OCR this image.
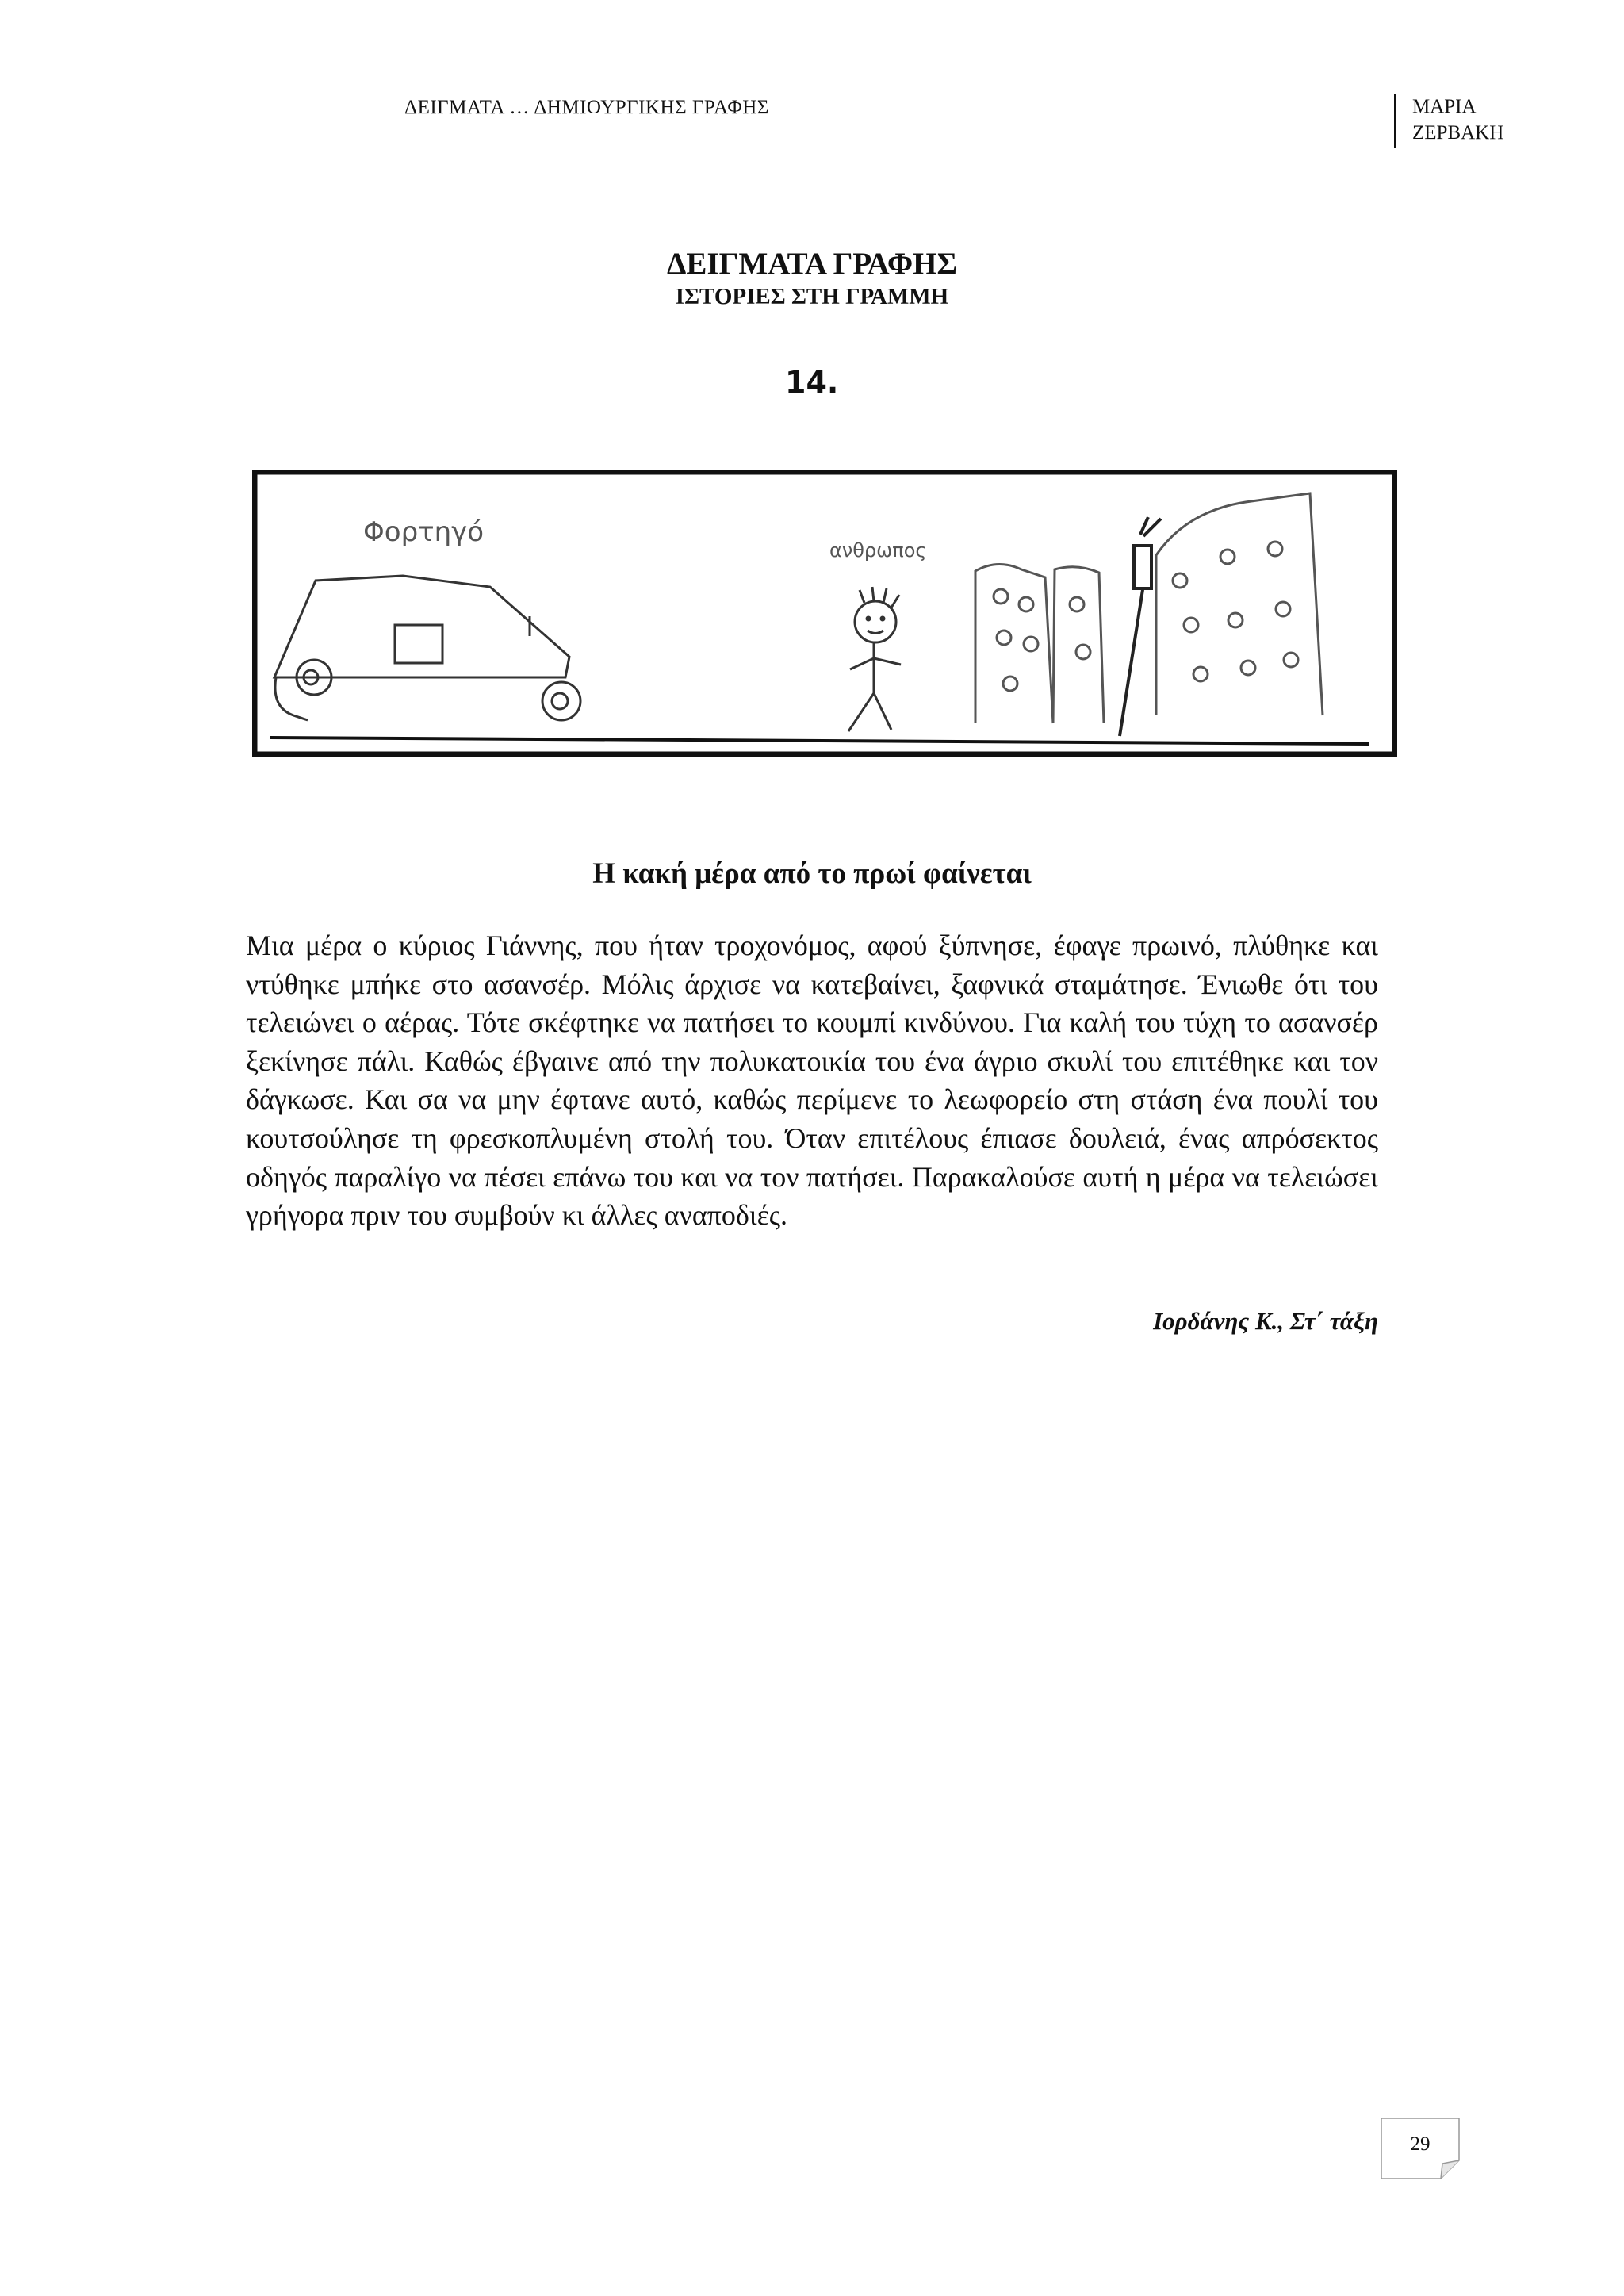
ΔΕΙΓΜΑΤΑ … ΔΗΜΙΟΥΡΓΙΚΗΣ ΓΡΑΦΗΣ	ΜΑΡΙΑ
ΖΕΡΒΑΚΗ
ΔΕΙΓΜΑΤΑ ΓΡΑΦΗΣ
ΙΣΤΟΡΙΕΣ ΣΤΗ ΓΡΑΜΜΗ
14.
Φορτηγό
ανθρωπος
Η κακή μέρα από το πρωί φαίνεται

Μια μέρα ο κύριος Γιάννης, που ήταν τροχονόμος, αφού ξύπνησε, έφαγε πρωινό, πλύθηκε και ντύθηκε μπήκε στο ασανσέρ. Μόλις άρχισε να κατεβαίνει, ξαφνικά σταμάτησε. Ένιωθε ότι του τελειώνει ο αέρας. Τότε σκέφτηκε να πατήσει το κουμπί κινδύνου. Για καλή του τύχη το ασανσέρ ξεκίνησε πάλι. Καθώς έβγαινε από την πολυκατοικία του ένα άγριο σκυλί του επιτέθηκε και τον δάγκωσε. Και σα να μην έφτανε αυτό, καθώς περίμενε το λεωφορείο στη στάση ένα πουλί του κουτσούλησε τη φρεσκοπλυμένη στολή του. Όταν επιτέλους έπιασε δουλειά, ένας απρόσεκτος οδηγός παραλίγο να πέσει επάνω του και να τον πατήσει. Παρακαλούσε αυτή η μέρα να τελειώσει γρήγορα πριν του συμβούν κι άλλες αναποδιές.

Ιορδάνης Κ., Στ΄ τάξη
29
